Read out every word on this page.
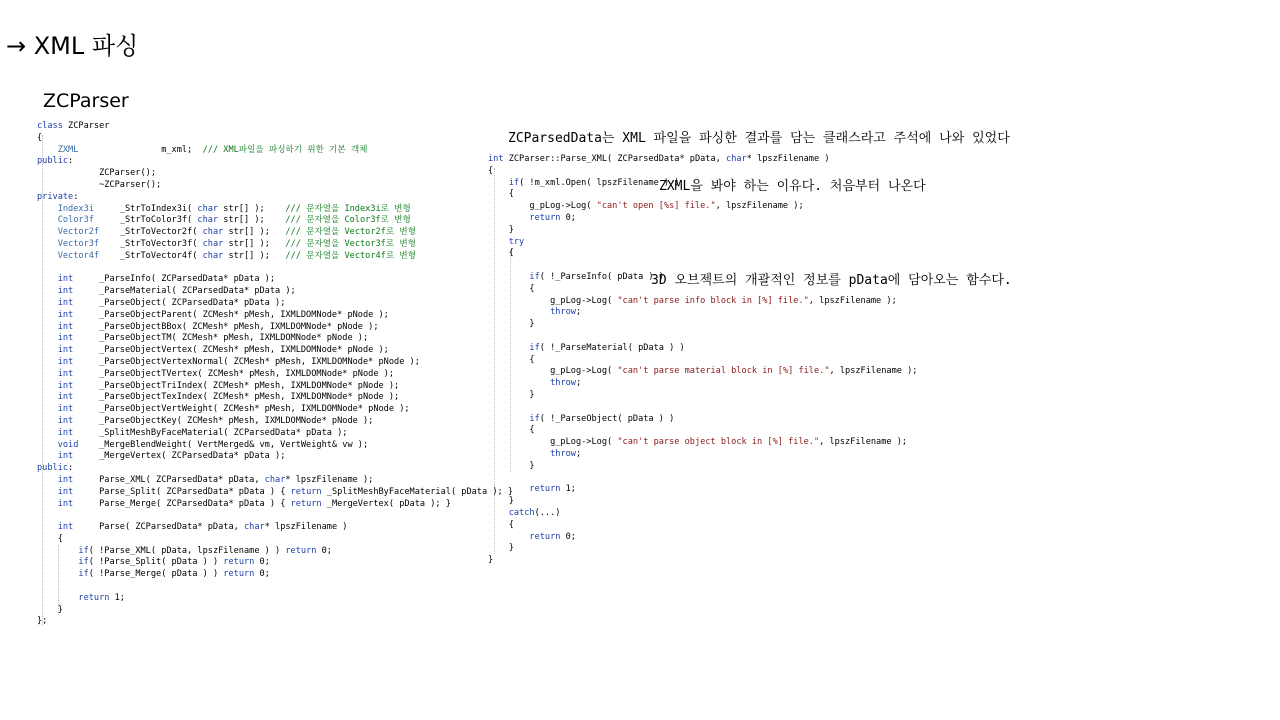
→ XML 파싱
ZCParser
class ZCParser
{
ZXML                m_xml;  /// XML파일을 파싱하기 위한 기본 객체
public:
ZCParser();
~ZCParser();
private:
Index3i     _StrToIndex3i( char str[] );    /// 문자열을 Index3i로 변형
Color3f     _StrToColor3f( char str[] );    /// 문자열을 Color3f로 변형
Vector2f    _StrToVector2f( char str[] );   /// 문자열을 Vector2f로 변형
Vector3f    _StrToVector3f( char str[] );   /// 문자열을 Vector3f로 변형
Vector4f    _StrToVector4f( char str[] );   /// 문자열을 Vector4f로 변형

int     _ParseInfo( ZCParsedData* pData );
int     _ParseMaterial( ZCParsedData* pData );
int     _ParseObject( ZCParsedData* pData );
int     _ParseObjectParent( ZCMesh* pMesh, IXMLDOMNode* pNode );
int     _ParseObjectBBox( ZCMesh* pMesh, IXMLDOMNode* pNode );
int     _ParseObjectTM( ZCMesh* pMesh, IXMLDOMNode* pNode );
int     _ParseObjectVertex( ZCMesh* pMesh, IXMLDOMNode* pNode );
int     _ParseObjectVertexNormal( ZCMesh* pMesh, IXMLDOMNode* pNode );
int     _ParseObjectTVertex( ZCMesh* pMesh, IXMLDOMNode* pNode );
int     _ParseObjectTriIndex( ZCMesh* pMesh, IXMLDOMNode* pNode );
int     _ParseObjectTexIndex( ZCMesh* pMesh, IXMLDOMNode* pNode );
int     _ParseObjectVertWeight( ZCMesh* pMesh, IXMLDOMNode* pNode );
int     _ParseObjectKey( ZCMesh* pMesh, IXMLDOMNode* pNode );
int     _SplitMeshByFaceMaterial( ZCParsedData* pData );
void    _MergeBlendWeight( VertMerged& vm, VertWeight& vw );
int     _MergeVertex( ZCParsedData* pData );
public:
int     Parse_XML( ZCParsedData* pData, char* lpszFilename );
int     Parse_Split( ZCParsedData* pData ) { return _SplitMeshByFaceMaterial( pData ); }
int     Parse_Merge( ZCParsedData* pData ) { return _MergeVertex( pData ); }

int     Parse( ZCParsedData* pData, char* lpszFilename )
{
if( !Parse_XML( pData, lpszFilename ) ) return 0;
if( !Parse_Split( pData ) ) return 0;
if( !Parse_Merge( pData ) ) return 0;

return 1;
}
};
int ZCParser::Parse_XML( ZCParsedData* pData, char* lpszFilename )
{
if( !m_xml.Open( lpszFilename ) )
{
g_pLog->Log( "can't open [%s] file.", lpszFilename );
return 0;
}
try
{

if( !_ParseInfo( pData ) )
{
g_pLog->Log( "can't parse info block in [%] file.", lpszFilename );
throw;
}

if( !_ParseMaterial( pData ) )
{
g_pLog->Log( "can't parse material block in [%] file.", lpszFilename );
throw;
}

if( !_ParseObject( pData ) )
{
g_pLog->Log( "can't parse object block in [%] file.", lpszFilename );
throw;
}

return 1;
}
catch(...)
{
return 0;
}
}
ZCParsedData는 XML 파일을 파싱한 결과를 담는 클래스라고 주석에 나와 있었다
ZXML을 봐야 하는 이유다. 처음부터 나온다
3D 오브젝트의 개괄적인 정보를 pData에 담아오는 함수다.
